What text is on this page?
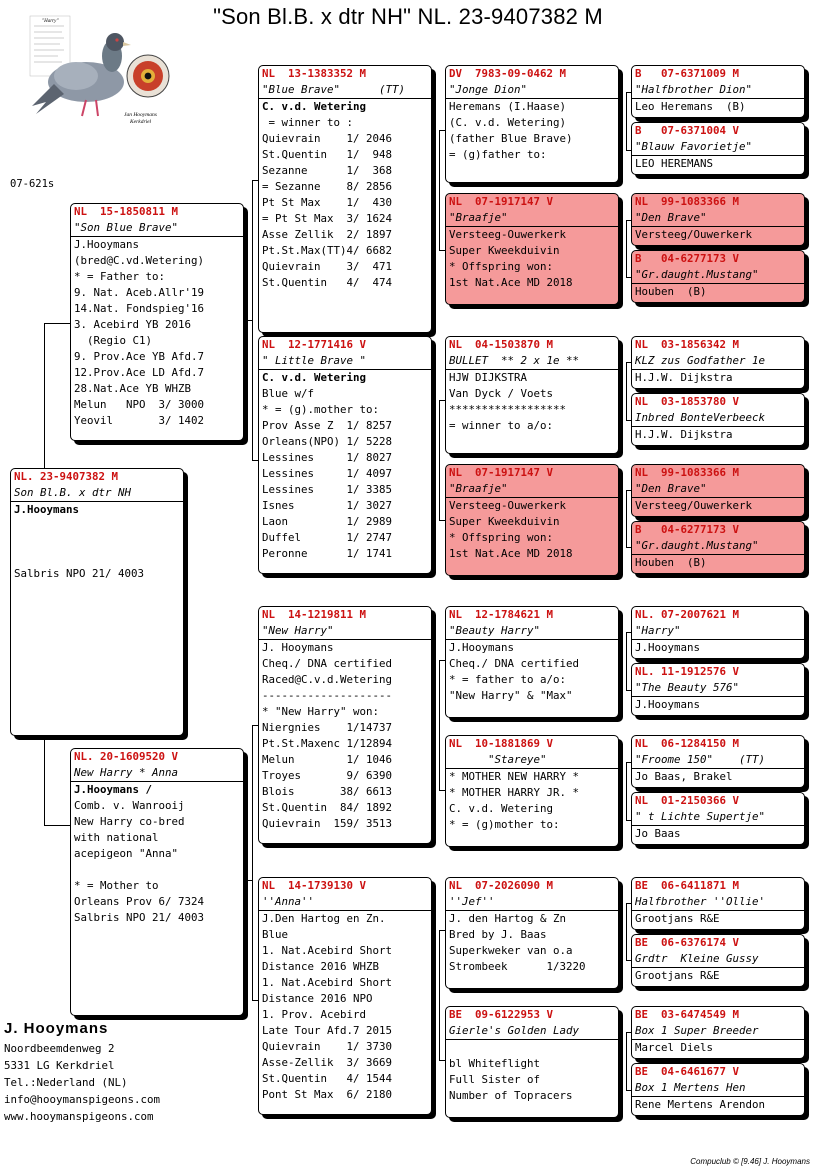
"Son Bl.B. x dtr NH" NL. 23-9407382 M
"Harry"
Jan Hooymans
Kerkdriel
07-621s
NL. 23-9407382 M
Son Bl.B. x dtr NH
J.Hooymans
Salbris NPO 21/ 4003
NL  15-1850811 M
"Son Blue Brave"
J.Hooymans
(bred@C.vd.Wetering)
* = Father to:
9. Nat. Aceb.Allr'19
14.Nat. Fondspieg'16
3. Acebird YB 2016
(Regio C1)
9. Prov.Ace YB Afd.7
12.Prov.Ace LD Afd.7
28.Nat.Ace YB WHZB
Melun   NPO  3/ 3000
Yeovil       3/ 1402
NL. 20-1609520 V
New Harry * Anna
J.Hooymans /
Comb. v. Wanrooij
New Harry co-bred
with national
acepigeon "Anna"
* = Mother to
Orleans Prov 6/ 7324
Salbris NPO 21/ 4003
NL  13-1383352 M
"Blue Brave"      (TT)
C. v.d. Wetering
= winner to :
Quievrain    1/ 2046
St.Quentin   1/  948
Sezanne      1/  368
= Sezanne    8/ 2856
Pt St Max    1/  430
= Pt St Max  3/ 1624
Asse Zellik  2/ 1897
Pt.St.Max(TT)4/ 6682
Quievrain    3/  471
St.Quentin   4/  474
NL  12-1771416 V
" Little Brave "
C. v.d. Wetering
Blue w/f
* = (g).mother to:
Prov Asse Z  1/ 8257
Orleans(NPO) 1/ 5228
Lessines     1/ 8027
Lessines     1/ 4097
Lessines     1/ 3385
Isnes        1/ 3027
Laon         1/ 2989
Duffel       1/ 2747
Peronne      1/ 1741
NL  14-1219811 M
"New Harry"
J. Hooymans
Cheq./ DNA certified
Raced@C.v.d.Wetering
--------------------
* "New Harry" won:
Niergnies    1/14737
Pt.St.Maxenc 1/12894
Melun        1/ 1046
Troyes       9/ 6390
Blois       38/ 6613
St.Quentin  84/ 1892
Quievrain  159/ 3513
NL  14-1739130 V
''Anna''
J.Den Hartog en Zn.
Blue
1. Nat.Acebird Short
Distance 2016 WHZB
1. Nat.Acebird Short
Distance 2016 NPO
1. Prov. Acebird
Late Tour Afd.7 2015
Quievrain    1/ 3730
Asse-Zellik  3/ 3669
St.Quentin   4/ 1544
Pont St Max  6/ 2180
DV  7983-09-0462 M
"Jonge Dion"
Heremans (I.Haase)
(C. v.d. Wetering)
(father Blue Brave)
= (g)father to:
NL  07-1917147 V
"Braafje"
Versteeg-Ouwerkerk
Super Kweekduivin
* Offspring won:
1st Nat.Ace MD 2018
NL  04-1503870 M
BULLET  ** 2 x 1e **
HJW DIJKSTRA
Van Dyck / Voets
******************
= winner to a/o:
NL  07-1917147 V
"Braafje"
Versteeg-Ouwerkerk
Super Kweekduivin
* Offspring won:
1st Nat.Ace MD 2018
NL  12-1784621 M
"Beauty Harry"
J.Hooymans
Cheq./ DNA certified
* = father to a/o:
"New Harry" & "Max"
NL  10-1881869 V
"Stareye"
* MOTHER NEW HARRY *
* MOTHER HARRY JR. *
C. v.d. Wetering
* = (g)mother to:
NL  07-2026090 M
''Jef''
J. den Hartog & Zn
Bred by J. Baas
Superkweker van o.a
Strombeek      1/3220
BE  09-6122953 V
Gierle's Golden Lady
bl Whiteflight
Full Sister of
Number of Topracers
B   07-6371009 M
"Halfbrother Dion"
Leo Heremans  (B)
B   07-6371004 V
"Blauw Favorietje"
LEO HEREMANS
NL  99-1083366 M
"Den Brave"
Versteeg/Ouwerkerk
B   04-6277173 V
"Gr.daught.Mustang"
Houben  (B)
NL  03-1856342 M
KLZ zus Godfather 1e
H.J.W. Dijkstra
NL  03-1853780 V
Inbred BonteVerbeeck
H.J.W. Dijkstra
NL  99-1083366 M
"Den Brave"
Versteeg/Ouwerkerk
B   04-6277173 V
"Gr.daught.Mustang"
Houben  (B)
NL. 07-2007621 M
"Harry"
J.Hooymans
NL. 11-1912576 V
"The Beauty 576"
J.Hooymans
NL  06-1284150 M
"Froome 150"    (TT)
Jo Baas, Brakel
NL  01-2150366 V
" t Lichte Supertje"
Jo Baas
BE  06-6411871 M
Halfbrother ''Ollie'
Grootjans R&E
BE  06-6376174 V
Grdtr  Kleine Gussy
Grootjans R&E
BE  03-6474549 M
Box 1 Super Breeder
Marcel Diels
BE  04-6461677 V
Box 1 Mertens Hen
Rene Mertens Arendon
J. Hooymans
Noordbeemdenweg 2
5331 LG Kerkdriel
Tel.:Nederland (NL)
info@hooymanspigeons.com
www.hooymanspigeons.com
Compuclub © [9.46] J. Hooymans
